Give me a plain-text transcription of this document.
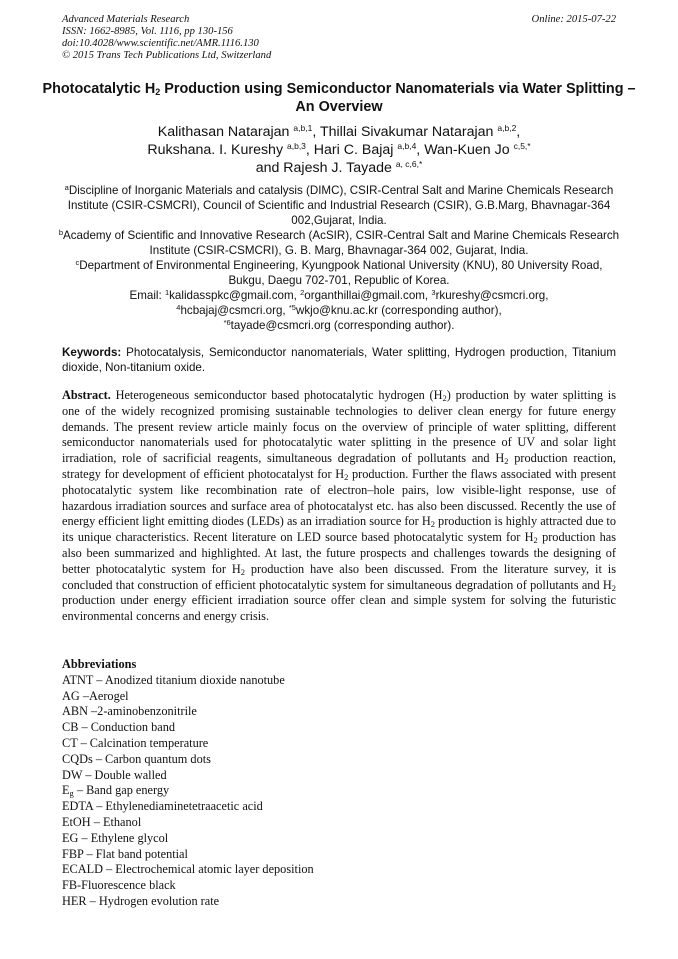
Advanced Materials Research
ISSN: 1662-8985, Vol. 1116, pp 130-156
doi:10.4028/www.scientific.net/AMR.1116.130
© 2015 Trans Tech Publications Ltd, Switzerland
Online: 2015-07-22
Photocatalytic $H_2$ Production using Semiconductor Nanomaterials via Water Splitting – An Overview
Kalithasan Natarajan $^{a,b,1}$, Thillai Sivakumar Natarajan $^{a,b,2}$,
Rukshana. I. Kureshy $^{a,b,3}$, Hari C. Bajaj $^{a,b,4}$, Wan-Kuen Jo $^{c,5,*}$
and Rajesh J. Tayade $^{a, c,6,*}$

$^a$Discipline of Inorganic Materials and catalysis (DIMC), CSIR-Central Salt and Marine Chemicals Research Institute (CSIR-CSMCRI), Council of Scientific and Industrial Research (CSIR), G.B.Marg, Bhavnagar-364 002,Gujarat, India.

$^b$Academy of Scientific and Innovative Research (AcSIR), CSIR-Central Salt and Marine Chemicals Research Institute (CSIR-CSMCRI), G. B. Marg, Bhavnagar-364 002, Gujarat, India.

$^c$Department of Environmental Engineering, Kyungpook National University (KNU), 80 University Road, Bukgu, Daegu 702-701, Republic of Korea.

Email: $^1$kalidasspkc@gmail.com, $^2$organthillai@gmail.com, $^3$rkureshy@csmcri.org,

$^4$hcbajaj@csmcri.org, $^{*5}$wkjo@knu.ac.kr (corresponding author),

$^{*6}$tayade@csmcri.org (corresponding author).

Keywords: Photocatalysis, Semiconductor nanomaterials, Water splitting, Hydrogen production, Titanium dioxide, Non-titanium oxide.
Abstract. Heterogeneous semiconductor based photocatalytic hydrogen $(H_2)$ production by water splitting is one of the widely recognized promising sustainable technologies to deliver clean energy for future energy demands. The present review article mainly focus on the overview of principle of water splitting, different semiconductor nanomaterials used for photocatalytic water splitting in the presence of UV and solar light irradiation, role of sacrificial reagents, simultaneous degradation of pollutants and $H_2$ production reaction, strategy for development of efficient photocatalyst for $H_2$ production. Further the flaws associated with present photocatalytic system like recombination rate of electron–hole pairs, low visible-light response, use of hazardous irradiation sources and surface area of photocatalyst etc. has also been discussed. Recently the use of energy efficient light emitting diodes (LEDs) as an irradiation source for $H_2$ production is highly attracted due to its unique characteristics. Recent literature on LED source based photocatalytic system for $H_2$ production has also been summarized and highlighted. At last, the future prospects and challenges towards the designing of better photocatalytic system for $H_2$ production have also been discussed. From the literature survey, it is concluded that construction of efficient photocatalytic system for simultaneous degradation of pollutants and $H_2$ production under energy efficient irradiation source offer clean and simple system for solving the futuristic environmental concerns and energy crisis.
Abbreviations
ATNT – Anodized titanium dioxide nanotube
AG –Aerogel
ABN –2-aminobenzonitrile
CB – Conduction band
CT – Calcination temperature
CQDs – Carbon quantum dots
DW – Double walled
$E_g$ – Band gap energy
EDTA – Ethylenediaminetetraacetic acid
EtOH – Ethanol
EG – Ethylene glycol
FBP – Flat band potential
ECALD – Electrochemical atomic layer deposition
FB-Fluorescence black
HER – Hydrogen evolution rate
